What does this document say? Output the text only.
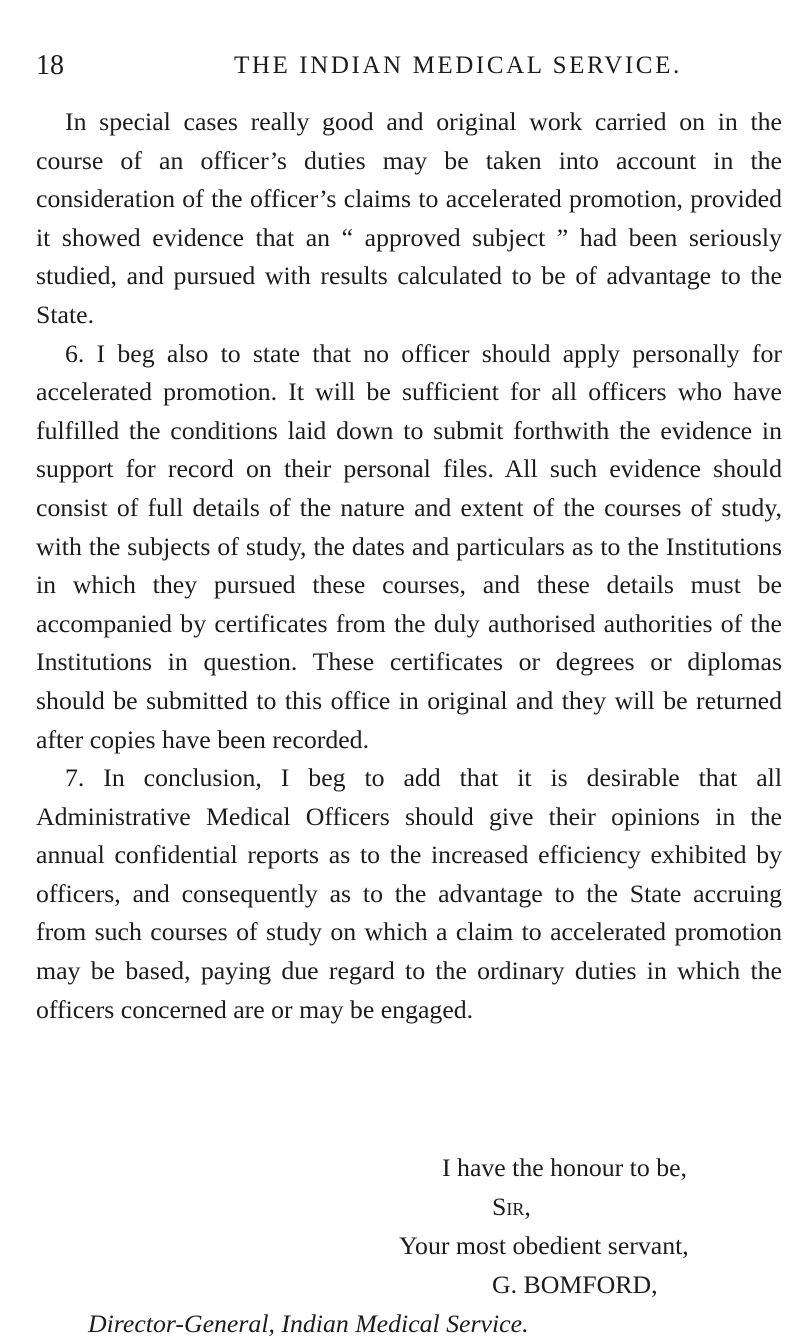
18	THE INDIAN MEDICAL SERVICE.

In special cases really good and original work carried on in the course of an officer’s duties may be taken into account in the consideration of the officer’s claims to accelerated promotion, provided it showed evidence that an “ approved subject ” had been seriously studied, and pursued with results calculated to be of advantage to the State.

6. I beg also to state that no officer should apply personally for accelerated promotion. It will be sufficient for all officers who have fulfilled the conditions laid down to submit forthwith the evidence in support for record on their personal files. All such evidence should consist of full details of the nature and extent of the courses of study, with the subjects of study, the dates and particulars as to the Institutions in which they pursued these courses, and these details must be accompanied by certificates from the duly authorised authorities of the Institutions in question. These certificates or degrees or diplomas should be submitted to this office in original and they will be returned after copies have been recorded.

7. In conclusion, I beg to add that it is desirable that all Administrative Medical Officers should give their opinions in the annual confidential reports as to the increased efficiency exhibited by officers, and consequently as to the advantage to the State accruing from such courses of study on which a claim to accelerated promotion may be based, paying due regard to the ordinary duties in which the officers concerned are or may be engaged.

I have the honour to be,
Sir,
Your most obedient servant,
G. BOMFORD,
Director-General, Indian Medical Service.
